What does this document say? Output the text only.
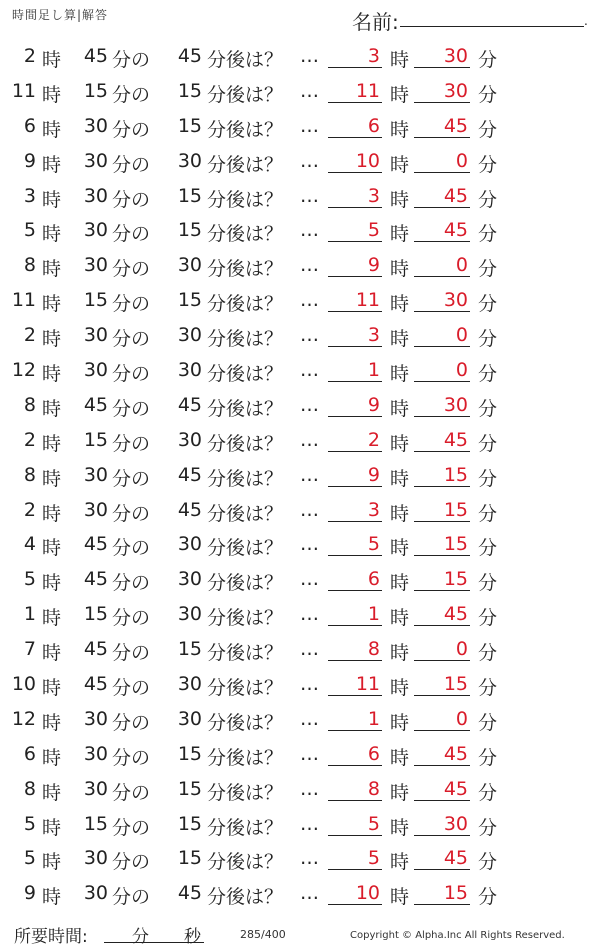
時間足し算|解答	名前:	.
2 時	45 分の	45 分後は？ …	3 時	30 分
11 時	15 分の	15 分後は？ …	11 時	30 分
6 時	30 分の	15 分後は？ …	6 時	45 分
9 時	30 分の	30 分後は？ …	10 時	0 分
3 時	30 分の	15 分後は？ …	3 時	45 分
5 時	30 分の	15 分後は？ …	5 時	45 分
8 時	30 分の	30 分後は？ …	9 時	0 分
11 時	15 分の	15 分後は？ …	11 時	30 分
2 時	30 分の	30 分後は？ …	3 時	0 分
12 時	30 分の	30 分後は？ …	1 時	0 分
8 時	45 分の	45 分後は？ …	9 時	30 分
2 時	15 分の	30 分後は？ …	2 時	45 分
8 時	30 分の	45 分後は？ …	9 時	15 分
2 時	30 分の	45 分後は？ …	3 時	15 分
4 時	45 分の	30 分後は？ …	5 時	15 分
5 時	45 分の	30 分後は？ …	6 時	15 分
1 時	15 分の	30 分後は？ …	1 時	45 分
7 時	45 分の	15 分後は？ …	8 時	0 分
10 時	45 分の	30 分後は？ …	11 時	15 分
12 時	30 分の	30 分後は？ …	1 時	0 分
6 時	30 分の	15 分後は？ …	6 時	45 分
8 時	30 分の	15 分後は？ …	8 時	45 分
5 時	15 分の	15 分後は？ …	5 時	30 分
5 時	30 分の	15 分後は？ …	5 時	45 分
9 時	30 分の	45 分後は？ …	10 時	15 分
所要時間:	分 秒	285/400	Copyright © Alpha.Inc All Rights Reserved.
